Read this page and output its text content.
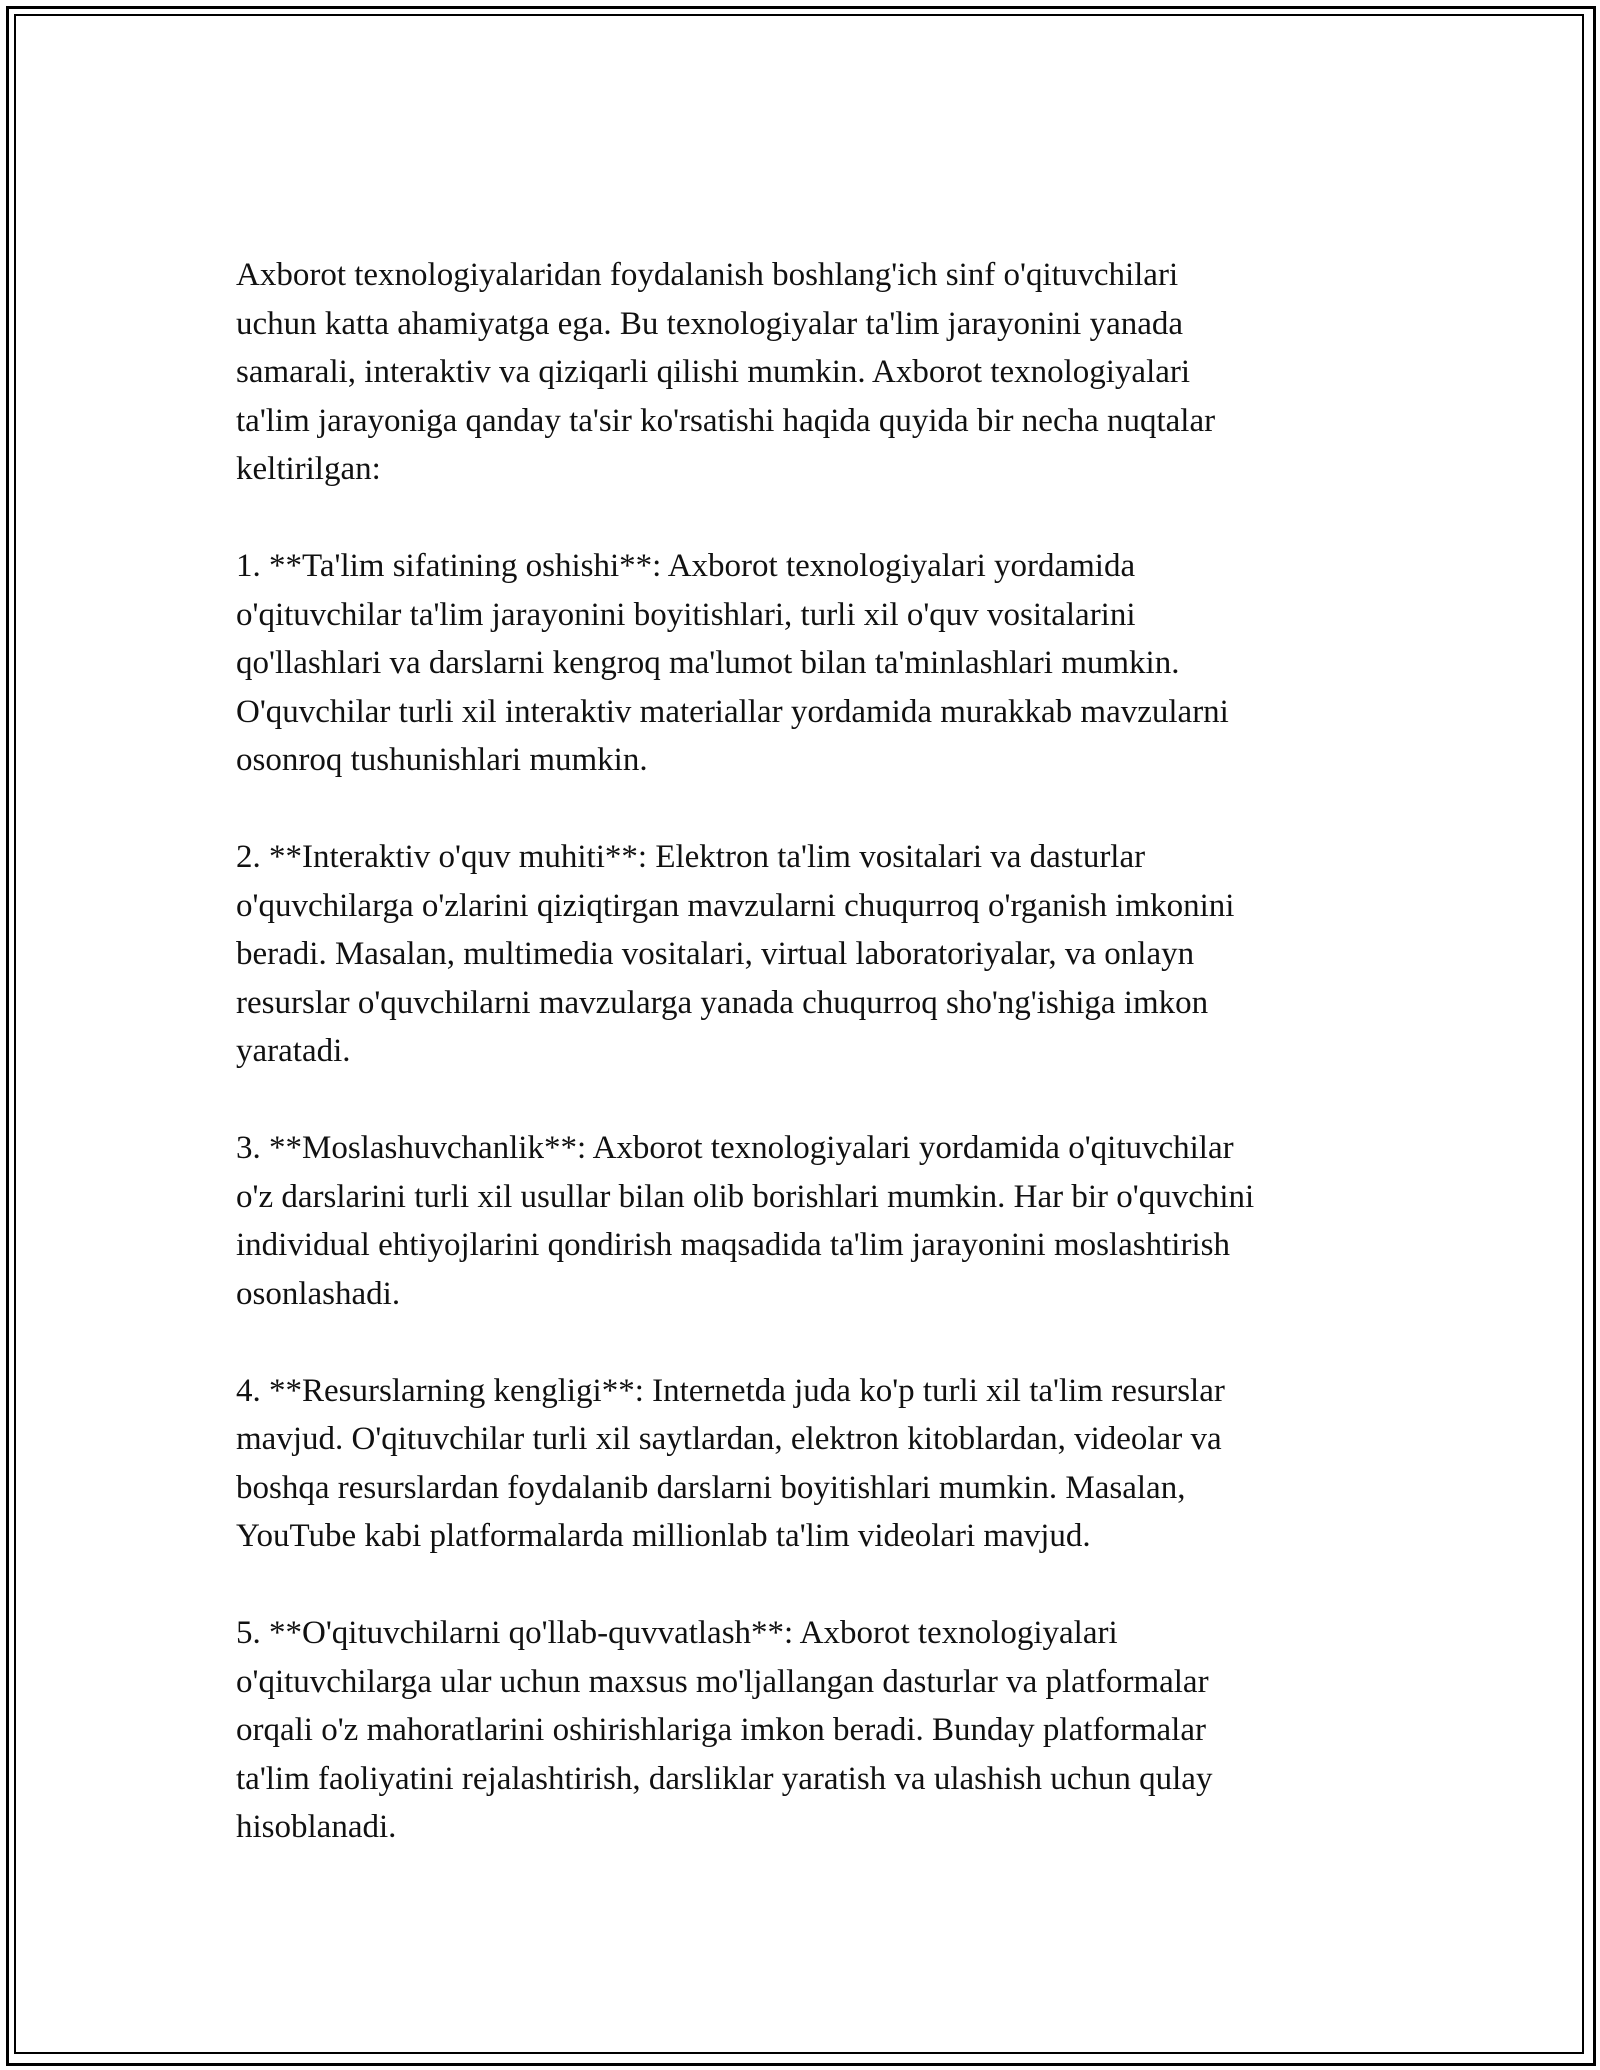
Axborot texnologiyalaridan foydalanish boshlang'ich sinf o'qituvchilari
uchun katta ahamiyatga ega. Bu texnologiyalar ta'lim jarayonini yanada
samarali, interaktiv va qiziqarli qilishi mumkin. Axborot texnologiyalari
ta'lim jarayoniga qanday ta'sir ko'rsatishi haqida quyida bir necha nuqtalar
keltirilgan:

1. **Ta'lim sifatining oshishi**: Axborot texnologiyalari yordamida
o'qituvchilar ta'lim jarayonini boyitishlari, turli xil o'quv vositalarini
qo'llashlari va darslarni kengroq ma'lumot bilan ta'minlashlari mumkin.
O'quvchilar turli xil interaktiv materiallar yordamida murakkab mavzularni
osonroq tushunishlari mumkin.

2. **Interaktiv o'quv muhiti**: Elektron ta'lim vositalari va dasturlar
o'quvchilarga o'zlarini qiziqtirgan mavzularni chuqurroq o'rganish imkonini
beradi. Masalan, multimedia vositalari, virtual laboratoriyalar, va onlayn
resurslar o'quvchilarni mavzularga yanada chuqurroq sho'ng'ishiga imkon
yaratadi.

3. **Moslashuvchanlik**: Axborot texnologiyalari yordamida o'qituvchilar
o'z darslarini turli xil usullar bilan olib borishlari mumkin. Har bir o'quvchini
individual ehtiyojlarini qondirish maqsadida ta'lim jarayonini moslashtirish
osonlashadi.

4. **Resurslarning kengligi**: Internetda juda ko'p turli xil ta'lim resurslar
mavjud. O'qituvchilar turli xil saytlardan, elektron kitoblardan, videolar va
boshqa resurslardan foydalanib darslarni boyitishlari mumkin. Masalan,
YouTube kabi platformalarda millionlab ta'lim videolari mavjud.

5. **O'qituvchilarni qo'llab-quvvatlash**: Axborot texnologiyalari
o'qituvchilarga ular uchun maxsus mo'ljallangan dasturlar va platformalar
orqali o'z mahoratlarini oshirishlariga imkon beradi. Bunday platformalar
ta'lim faoliyatini rejalashtirish, darsliklar yaratish va ulashish uchun qulay
hisoblanadi.
